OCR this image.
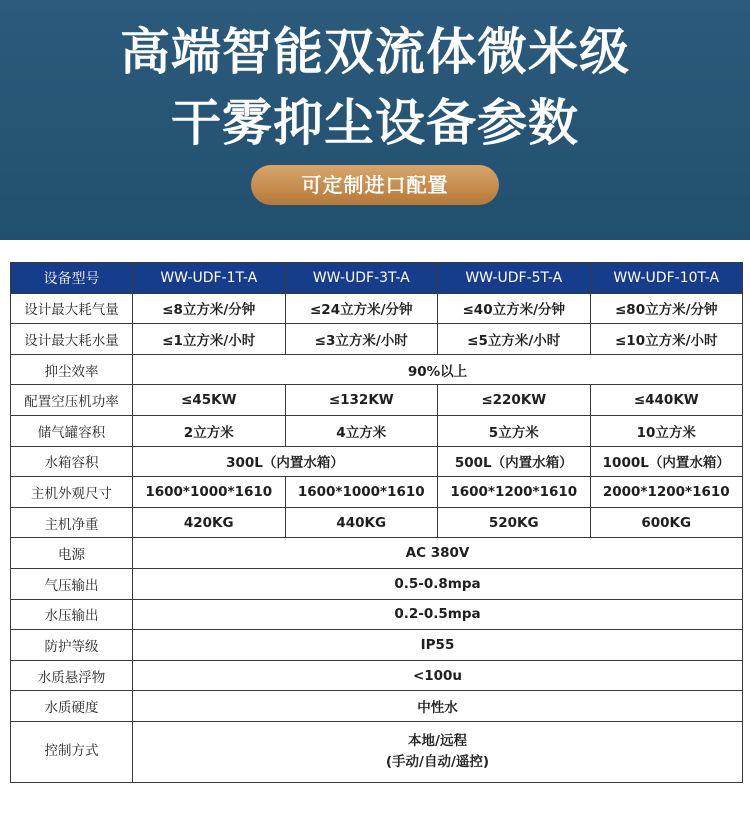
高端智能双流体微米级
干雾抑尘设备参数
可定制进口配置
设备型号	WW-UDF-1T-A	WW-UDF-3T-A	WW-UDF-5T-A	WW-UDF-10T-A
设计最大耗气量	≤8立方米/分钟	≤24立方米/分钟	≤40立方米/分钟	≤80立方米/分钟
设计最大耗水量	≤1立方米/小时	≤3立方米/小时	≤5立方米/小时	≤10立方米/小时
抑尘效率	90%以上			
配置空压机功率	≤45KW	≤132KW	≤220KW	≤440KW
储气罐容积	2立方米	4立方米	5立方米	10立方米
水箱容积	300L（内置水箱）		500L（内置水箱）	1000L（内置水箱）
主机外观尺寸	1600*1000*1610	1600*1000*1610	1600*1200*1610	2000*1200*1610
主机净重	420KG	440KG	520KG	600KG
电源	AC 380V			
气压输出	0.5-0.8mpa			
水压输出	0.2-0.5mpa			
防护等级	IP55			
水质悬浮物	<100u			
水质硬度	中性水			
控制方式	本地/远程
(手动/自动/遥控)			
